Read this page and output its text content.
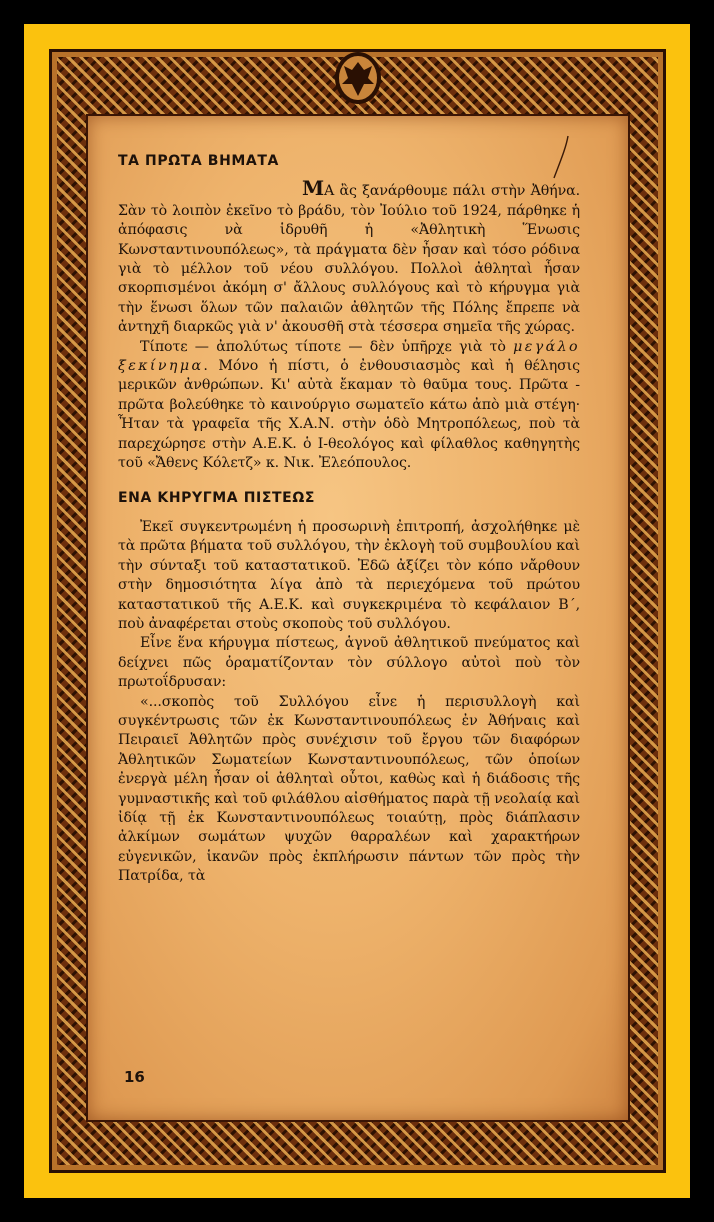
ΤΑ ΠΡΩΤΑ ΒΗΜΑΤΑ

ΜΑ ἂς ξανάρθουμε πάλι στὴν Ἀθήνα. Σὰν τὸ λοιπὸν ἐκεῖνο τὸ βράδυ, τὸν Ἰούλιο τοῦ 1924, πάρθηκε ἡ ἀπόφασις νὰ ἱδρυθῆ ἡ «Ἀθλητικὴ Ἕνωσις Κωνσταντινουπόλεως», τὰ πράγματα δὲν ἦσαν καὶ τόσο ρόδινα γιὰ τὸ μέλλον τοῦ νέου συλλόγου. Πολλοὶ ἀθληταὶ ἦσαν σκορπισμένοι ἀκόμη σ' ἄλλους συλλόγους καὶ τὸ κήρυγμα γιὰ τὴν ἕνωσι ὅλων τῶν παλαιῶν ἀθλητῶν τῆς Πόλης ἔπρεπε νὰ ἀντηχῆ διαρκῶς γιὰ ν' ἀκουσθῆ στὰ τέσσερα σημεῖα τῆς χώρας.

Τίποτε — ἀπολύτως τίποτε — δὲν ὑπῆρχε γιὰ τὸ μεγάλο ξεκίνημα. Μόνο ἡ πίστι, ὁ ἐνθουσιασμὸς καὶ ἡ θέλησις μερικῶν ἀνθρώπων. Κι' αὐτὰ ἔκαμαν τὸ θαῦμα τους. Πρῶτα - πρῶτα βολεύθηκε τὸ καινούργιο σωματεῖο κάτω ἀπὸ μιὰ στέγη· Ἦταν τὰ γραφεῖα τῆς Χ.Α.Ν. στὴν ὁδὸ Μητροπόλεως, ποὺ τὰ παρεχώρησε στὴν Α.Ε.Κ. ὁ Ι-θεολόγος καὶ φίλαθλος καθηγητὴς τοῦ «Ἄθενς Κόλετζ» κ. Νικ. Ἐλεόπουλος.

ΕΝΑ ΚΗΡΥΓΜΑ ΠΙΣΤΕΩΣ

Ἐκεῖ συγκεντρωμένη ἡ προσωρινὴ ἐπιτροπή, ἀσχολήθηκε μὲ τὰ πρῶτα βήματα τοῦ συλλόγου, τὴν ἐκλογὴ τοῦ συμβουλίου καὶ τὴν σύνταξι τοῦ καταστατικοῦ. Ἐδῶ ἀξίζει τὸν κόπο νἄρθουν στὴν δημοσιότητα λίγα ἀπὸ τὰ περιεχόμενα τοῦ πρώτου καταστατικοῦ τῆς Α.Ε.Κ. καὶ συγκεκριμένα τὸ κεφάλαιον Β΄, ποὺ ἀναφέρεται στοὺς σκοποὺς τοῦ συλλόγου.

Εἶνε ἕνα κήρυγμα πίστεως, ἁγνοῦ ἀθλητικοῦ πνεύματος καὶ δείχνει πῶς ὁραματίζονταν τὸν σύλλογο αὐτοὶ ποὺ τὸν πρωτοΐδρυσαν:

«...σκοπὸς τοῦ Συλλόγου εἶνε ἡ περισυλλογὴ καὶ συγκέντρωσις τῶν ἐκ Κωνσταντινουπόλεως ἐν Ἀθήναις καὶ Πειραιεῖ Ἀθλητῶν πρὸς συνέχισιν τοῦ ἔργου τῶν διαφόρων Ἀθλητικῶν Σωματείων Κωνσταντινουπόλεως, τῶν ὁποίων ἐνεργὰ μέλη ἦσαν οἱ ἀθληταὶ οὗτοι, καθὼς καὶ ἡ διάδοσις τῆς γυμναστικῆς καὶ τοῦ φιλάθλου αἰσθήματος παρὰ τῇ νεολαίᾳ καὶ ἰδίᾳ τῇ ἐκ Κωνσταντινουπόλεως τοιαύτῃ, πρὸς διάπλασιν ἀλκίμων σωμάτων ψυχῶν θαρραλέων καὶ χαρακτήρων εὐγενικῶν, ἱκανῶν πρὸς ἐκπλήρωσιν πάντων τῶν πρὸς τὴν Πατρίδα, τὰ

16
